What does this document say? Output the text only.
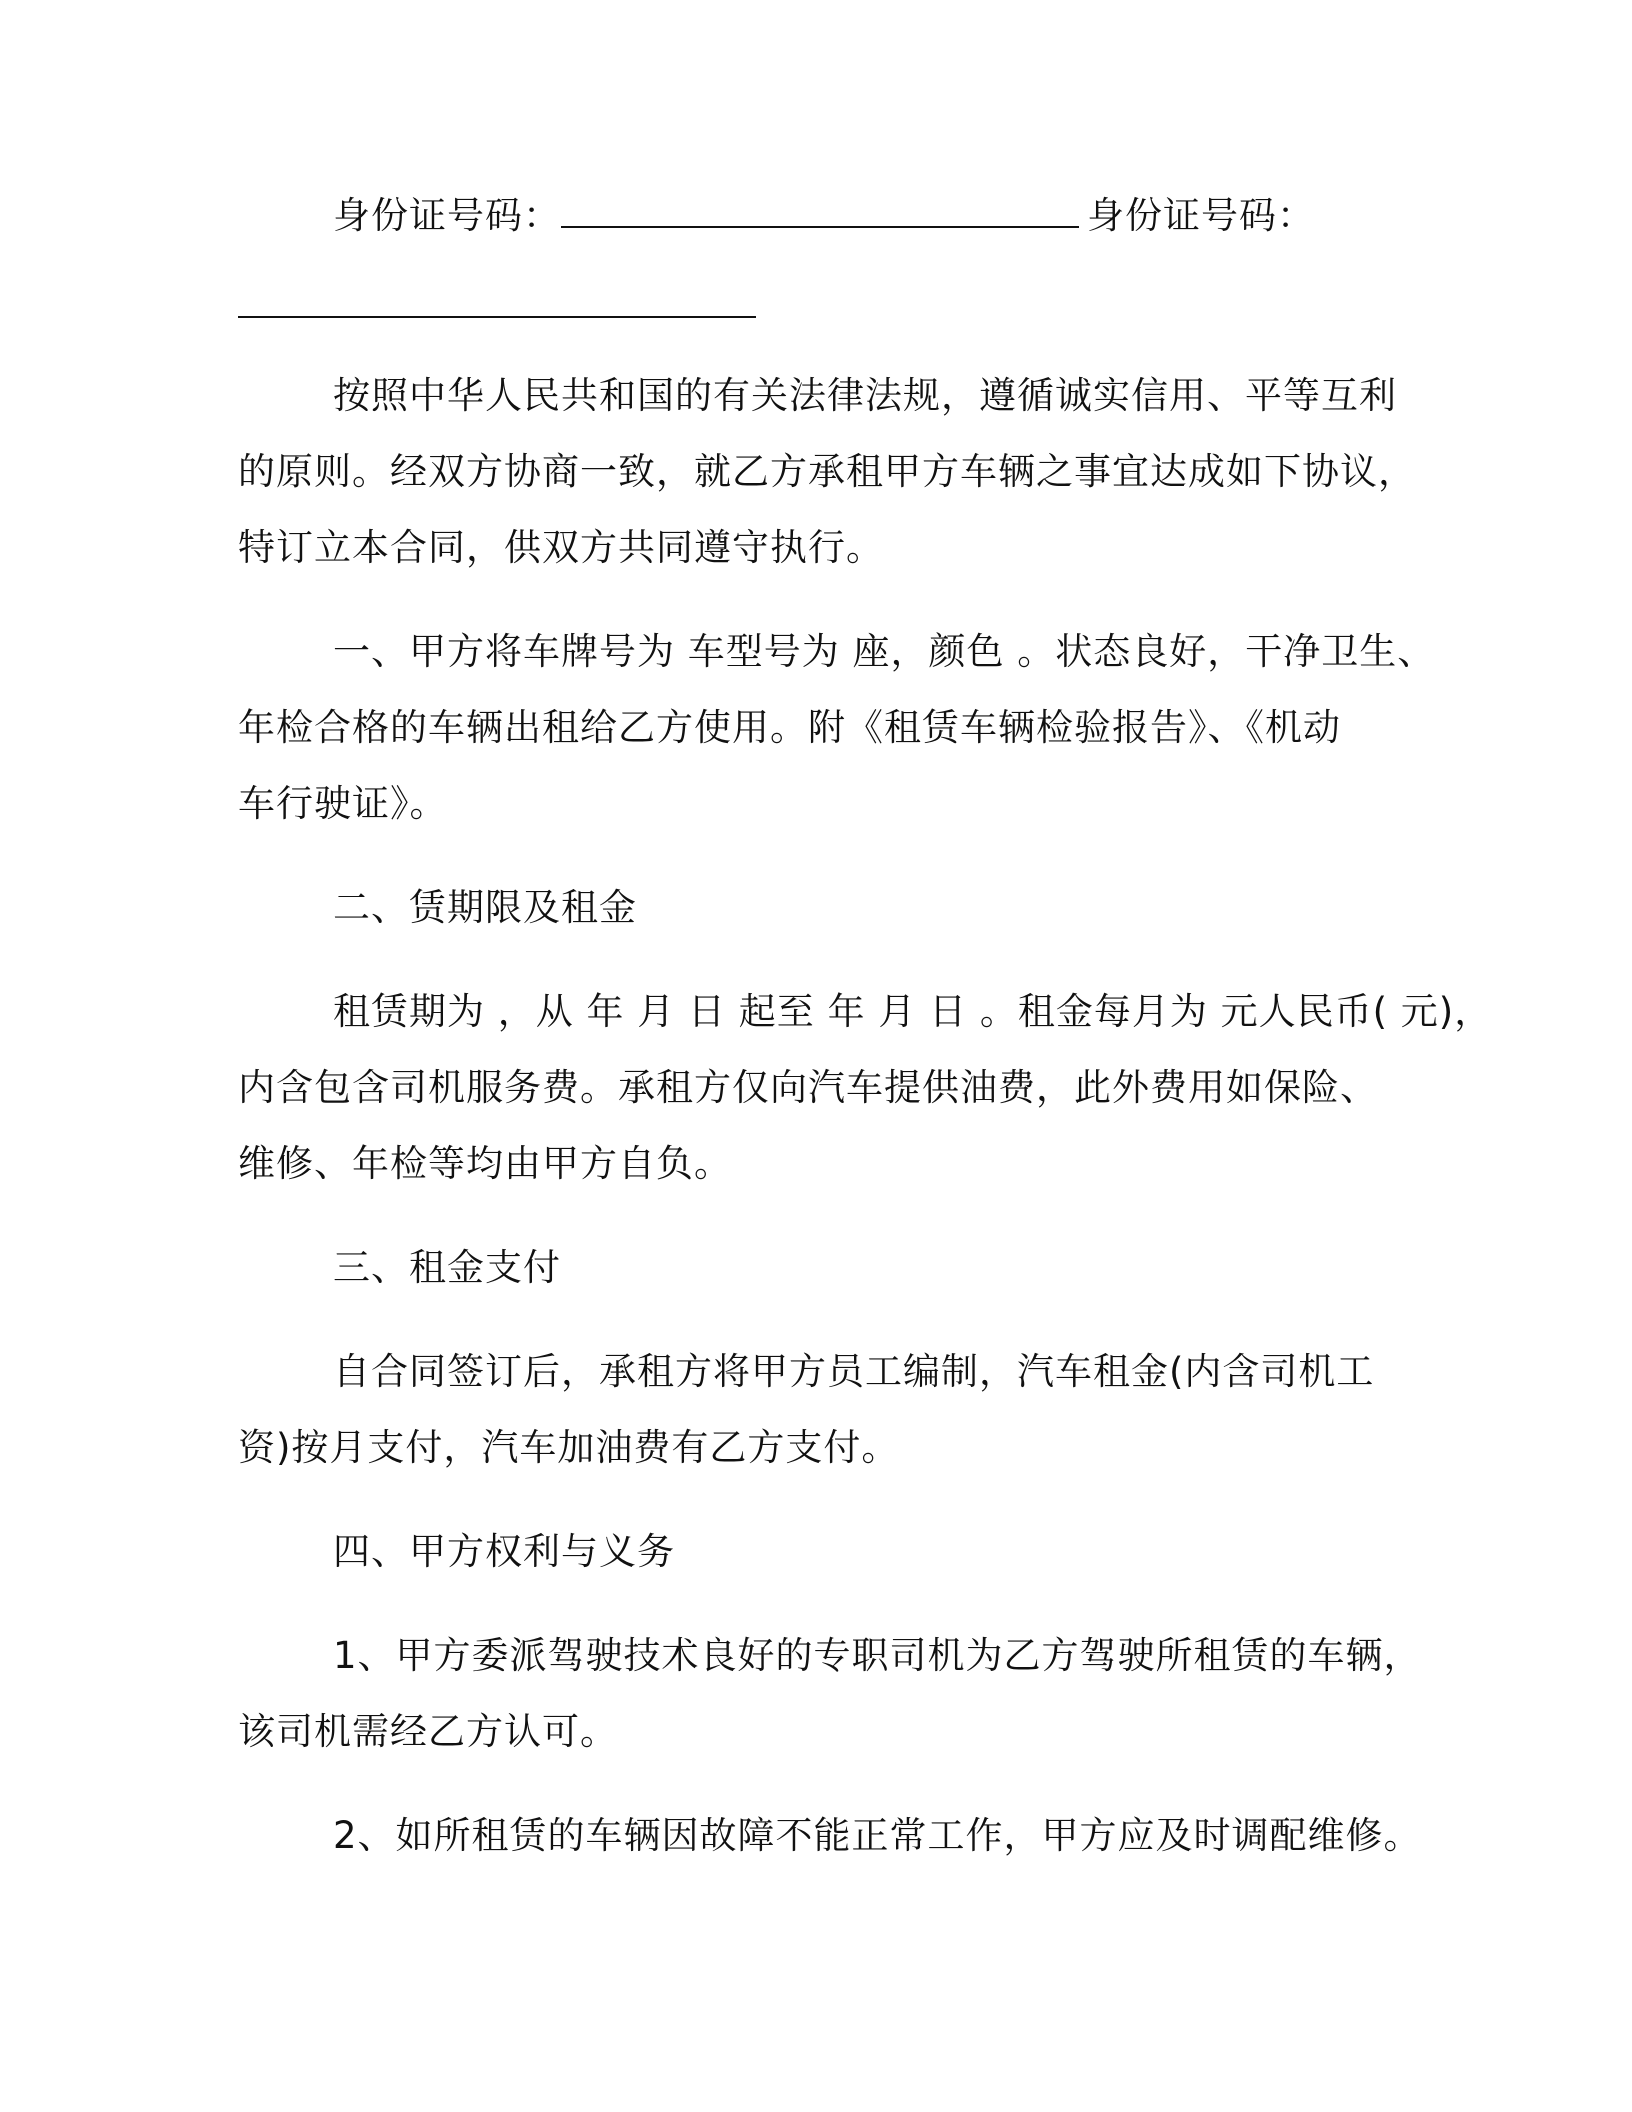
身份证号码：	身份证号码：
按照中华人民共和国的有关法律法规，遵循诚实信用、平等互利
的原则。经双方协商一致，就乙方承租甲方车辆之事宜达成如下协议，
特订立本合同，供双方共同遵守执行。
一、甲方将车牌号为 车型号为 座，颜色 。状态良好，干净卫生、
年检合格的车辆出租给乙方使用。附《租赁车辆检验报告》、《机动
车行驶证》。
二、赁期限及租金
租赁期为 ，从 年 月 日 起至 年 月 日 。租金每月为 元人民币( 元)，
内含包含司机服务费。承租方仅向汽车提供油费，此外费用如保险、
维修、年检等均由甲方自负。
三、租金支付
自合同签订后，承租方将甲方员工编制，汽车租金(内含司机工
资)按月支付，汽车加油费有乙方支付。
四、甲方权利与义务
1、甲方委派驾驶技术良好的专职司机为乙方驾驶所租赁的车辆，
该司机需经乙方认可。
2、如所租赁的车辆因故障不能正常工作，甲方应及时调配维修。
